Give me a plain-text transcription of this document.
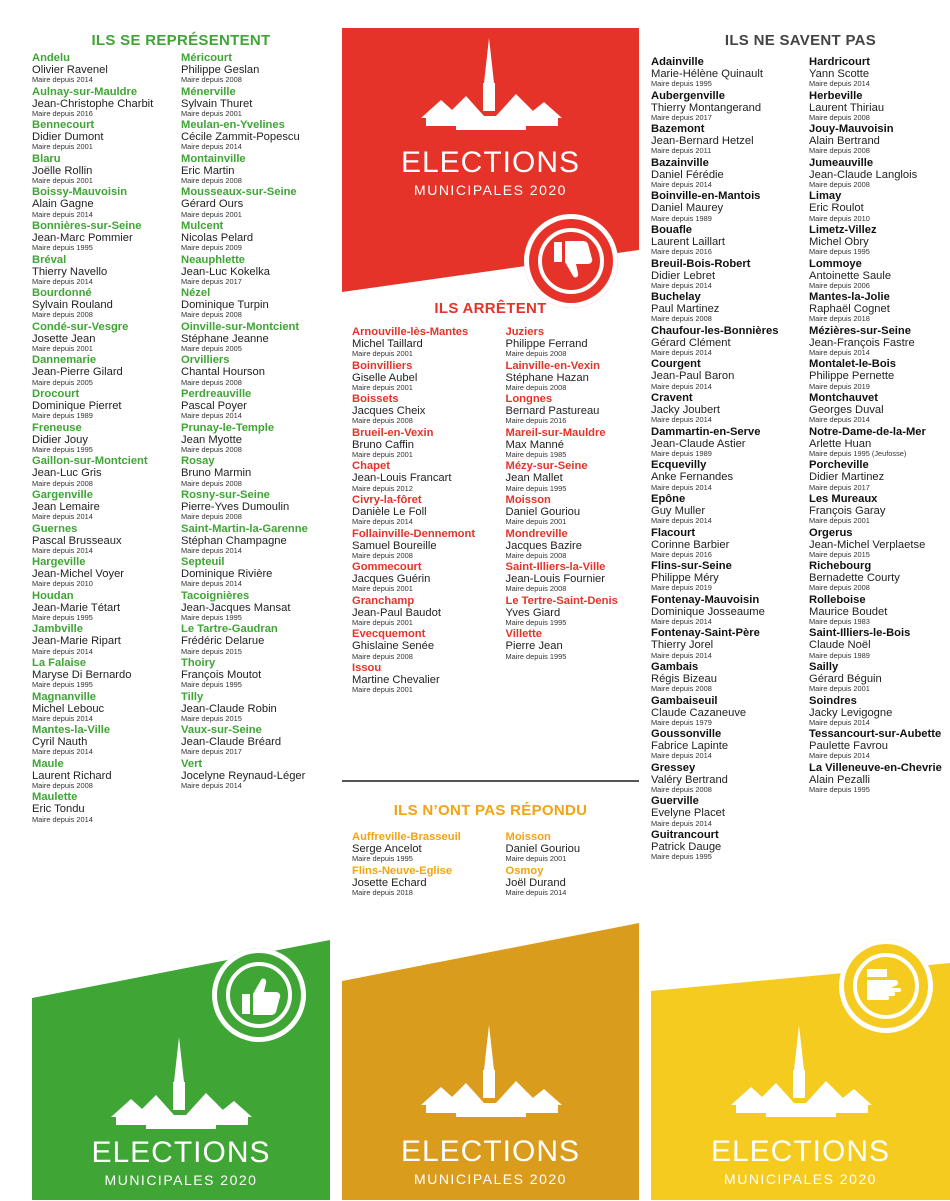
ILS SE REPRÉSENTENT
Andelu
Olivier Ravenel
Maire depuis 2014
Aulnay-sur-Mauldre
Jean-Christophe Charbit
Maire depuis 2016
Bennecourt
Didier Dumont
Maire depuis 2001
Blaru
Joëlle Rollin
Maire depuis 2001
Boissy-Mauvoisin
Alain Gagne
Maire depuis 2014
Bonnières-sur-Seine
Jean-Marc Pommier
Maire depuis 1995
Bréval
Thierry Navello
Maire depuis 2014
Bourdonné
Sylvain Rouland
Maire depuis 2008
Condé-sur-Vesgre
Josette Jean
Maire depuis 2001
Dannemarie
Jean-Pierre Gilard
Maire depuis 2005
Drocourt
Dominique Pierret
Maire depuis 1989
Freneuse
Didier Jouy
Maire depuis 1995
Gaillon-sur-Montcient
Jean-Luc Gris
Maire depuis 2008
Gargenville
Jean Lemaire
Maire depuis 2014
Guernes
Pascal Brusseaux
Maire depuis 2014
Hargeville
Jean-Michel Voyer
Maire depuis 2010
Houdan
Jean-Marie Tétart
Maire depuis 1995
Jambville
Jean-Marie Ripart
Maire depuis 2014
La Falaise
Maryse Di Bernardo
Maire depuis 1995
Magnanville
Michel Lebouc
Maire depuis 2014
Mantes-la-Ville
Cyril Nauth
Maire depuis 2014
Maule
Laurent Richard
Maire depuis 2008
Maulette
Eric Tondu
Maire depuis 2014
Méricourt
Philippe Geslan
Maire depuis 2008
Ménerville
Sylvain Thuret
Maire depuis 2001
Meulan-en-Yvelines
Cécile Zammit-Popescu
Maire depuis 2014
Montainville
Eric Martin
Maire depuis 2008
Mousseaux-sur-Seine
Gérard Ours
Maire depuis 2001
Mulcent
Nicolas Pelard
Maire depuis 2009
Neauphlette
Jean-Luc Kokelka
Maire depuis 2017
Nézel
Dominique Turpin
Maire depuis 2008
Oinville-sur-Montcient
Stéphane Jeanne
Maire depuis 2005
Orvilliers
Chantal Hourson
Maire depuis 2008
Perdreauville
Pascal Poyer
Maire depuis 2014
Prunay-le-Temple
Jean Myotte
Maire depuis 2008
Rosay
Bruno Marmin
Maire depuis 2008
Rosny-sur-Seine
Pierre-Yves Dumoulin
Maire depuis 2008
Saint-Martin-la-Garenne
Stéphan Champagne
Maire depuis 2014
Septeuil
Dominique Rivière
Maire depuis 2014
Tacoignières
Jean-Jacques Mansat
Maire depuis 1995
Le Tartre-Gaudran
Frédéric Delarue
Maire depuis 2015
Thoiry
François Moutot
Maire depuis 1995
Tilly
Jean-Claude Robin
Maire depuis 2015
Vaux-sur-Seine
Jean-Claude Bréard
Maire depuis 2017
Vert
Jocelyne Reynaud-Léger
Maire depuis 2014
ELECTIONS
MUNICIPALES 2020
ELECTIONS
MUNICIPALES 2020
ILS ARRÊTENT
Arnouville-lès-Mantes
Michel Taillard
Maire depuis 2001
Boinvilliers
Giselle Aubel
Maire depuis 2001
Boissets
Jacques Cheix
Maire depuis 2008
Brueil-en-Vexin
Bruno Caffin
Maire depuis 2001
Chapet
Jean-Louis Francart
Maire depuis 2012
Civry-la-fôret
Danièle Le Foll
Maire depuis 2014
Follainville-Dennemont
Samuel Boureille
Maire depuis 2008
Gommecourt
Jacques Guérin
Maire depuis 2001
Granchamp
Jean-Paul Baudot
Maire depuis 2001
Evecquemont
Ghislaine Senée
Maire depuis 2008
Issou
Martine Chevalier
Maire depuis 2001
Juziers
Philippe Ferrand
Maire depuis 2008
Lainville-en-Vexin
Stéphane Hazan
Maire depuis 2008
Longnes
Bernard Pastureau
Maire depuis 2016
Mareil-sur-Mauldre
Max Manné
Maire depuis 1985
Mézy-sur-Seine
Jean Mallet
Maire depuis 1995
Moisson
Daniel Gouriou
Maire depuis 2001
Mondreville
Jacques Bazire
Maire depuis 2008
Saint-Illiers-la-Ville
Jean-Louis Fournier
Maire depuis 2008
Le Tertre-Saint-Denis
Yves Giard
Maire depuis 1995
Villette
Pierre Jean
Maire depuis 1995
ILS N’ONT PAS RÉPONDU
Auffreville-Brasseuil
Serge Ancelot
Maire depuis 1995
Flins-Neuve-Eglise
Josette Echard
Maire depuis 2018
Moisson
Daniel Gouriou
Maire depuis 2001
Osmoy
Joël Durand
Maire depuis 2014
ELECTIONS
MUNICIPALES 2020
ILS NE SAVENT PAS
Adainville
Marie-Hélène Quinault
Maire depuis 1995
Aubergenville
Thierry Montangerand
Maire depuis 2017
Bazemont
Jean-Bernard Hetzel
Maire depuis 2011
Bazainville
Daniel Férédie
Maire depuis 2014
Boinville-en-Mantois
Daniel Maurey
Maire depuis 1989
Bouafle
Laurent Laillart
Maire depuis 2016
Breuil-Bois-Robert
Didier Lebret
Maire depuis 2014
Buchelay
Paul Martinez
Maire depuis 2008
Chaufour-les-Bonnières
Gérard Clément
Maire depuis 2014
Courgent
Jean-Paul Baron
Maire depuis 2014
Cravent
Jacky Joubert
Maire depuis 2014
Dammartin-en-Serve
Jean-Claude Astier
Maire depuis 1989
Ecquevilly
Anke Fernandes
Maire depuis 2014
Epône
Guy Muller
Maire depuis 2014
Flacourt
Corinne Barbier
Maire depuis 2016
Flins-sur-Seine
Philippe Méry
Maire depuis 2019
Fontenay-Mauvoisin
Dominique Josseaume
Maire depuis 2014
Fontenay-Saint-Père
Thierry Jorel
Maire depuis 2014
Gambais
Régis Bizeau
Maire depuis 2008
Gambaiseuil
Claude Cazaneuve
Maire depuis 1979
Goussonville
Fabrice Lapinte
Maire depuis 2014
Gressey
Valéry Bertrand
Maire depuis 2008
Guerville
Evelyne Placet
Maire depuis 2014
Guitrancourt
Patrick Dauge
Maire depuis 1995
Hardricourt
Yann Scotte
Maire depuis 2014
Herbeville
Laurent Thiriau
Maire depuis 2008
Jouy-Mauvoisin
Alain Bertrand
Maire depuis 2008
Jumeauville
Jean-Claude Langlois
Maire depuis 2008
Limay
Eric Roulot
Maire depuis 2010
Limetz-Villez
Michel Obry
Maire depuis 1995
Lommoye
Antoinette Saule
Maire depuis 2006
Mantes-la-Jolie
Raphaël Cognet
Maire depuis 2018
Mézières-sur-Seine
Jean-François Fastre
Maire depuis 2014
Montalet-le-Bois
Philippe Pernette
Maire depuis 2019
Montchauvet
Georges Duval
Maire depuis 2014
Notre-Dame-de-la-Mer
Arlette Huan
Maire depuis 1995 (Jeufosse)
Porcheville
Didier Martinez
Maire depuis 2017
Les Mureaux
François Garay
Maire depuis 2001
Orgerus
Jean-Michel Verplaetse
Maire depuis 2015
Richebourg
Bernadette Courty
Maire depuis 2008
Rolleboise
Maurice Boudet
Maire depuis 1983
Saint-Illiers-le-Bois
Claude Noël
Maire depuis 1989
Sailly
Gérard Béguin
Maire depuis 2001
Soindres
Jacky Levigogne
Maire depuis 2014
Tessancourt-sur-Aubette
Paulette Favrou
Maire depuis 2014
La Villeneuve-en-Chevrie
Alain Pezalli
Maire depuis 1995
ELECTIONS
MUNICIPALES 2020
